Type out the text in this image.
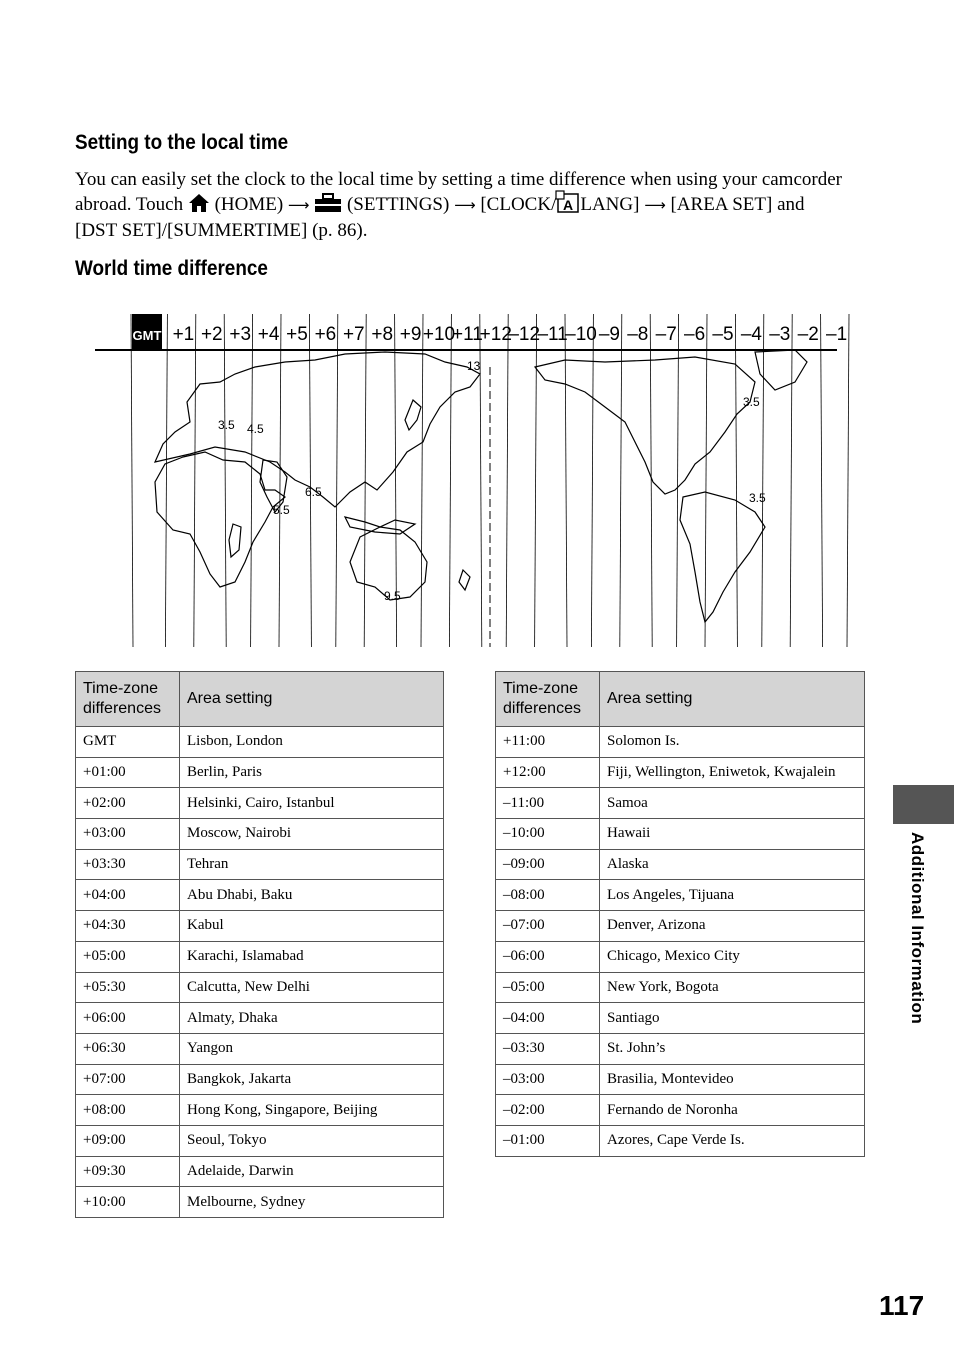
Setting to the local time
You can easily set the clock to the local time by setting a time difference when using your camcorder abroad. Touch  (HOME) ⟶  (SETTINGS) ⟶ [CLOCK/ A LANG] ⟶ [AREA SET] and [DST SET]/[SUMMERTIME] (p. 86).
World time difference
GMT +1 +2 +3 +4 +5 +6 +7 +8 +9 +10
+11
+12
–12
–11
–10 –9 –8 –7 –6 –5 –4 –3 –2 –1
3.5 4.5
5.5
6.5
9.5
13
3.5
3.5
Time-zone differences	Area setting
GMT	Lisbon, London
+01:00	Berlin, Paris
+02:00	Helsinki, Cairo, Istanbul
+03:00	Moscow, Nairobi
+03:30	Tehran
+04:00	Abu Dhabi, Baku
+04:30	Kabul
+05:00	Karachi, Islamabad
+05:30	Calcutta, New Delhi
+06:00	Almaty, Dhaka
+06:30	Yangon
+07:00	Bangkok, Jakarta
+08:00	Hong Kong, Singapore, Beijing
+09:00	Seoul, Tokyo
+09:30	Adelaide, Darwin
+10:00	Melbourne, Sydney
Time-zone differences	Area setting
+11:00	Solomon Is.
+12:00	Fiji, Wellington, Eniwetok, Kwajalein
–11:00	Samoa
–10:00	Hawaii
–09:00	Alaska
–08:00	Los Angeles, Tijuana
–07:00	Denver, Arizona
–06:00	Chicago, Mexico City
–05:00	New York, Bogota
–04:00	Santiago
–03:30	St. John’s
–03:00	Brasilia, Montevideo
–02:00	Fernando de Noronha
–01:00	Azores, Cape Verde Is.
Additional Information
117
